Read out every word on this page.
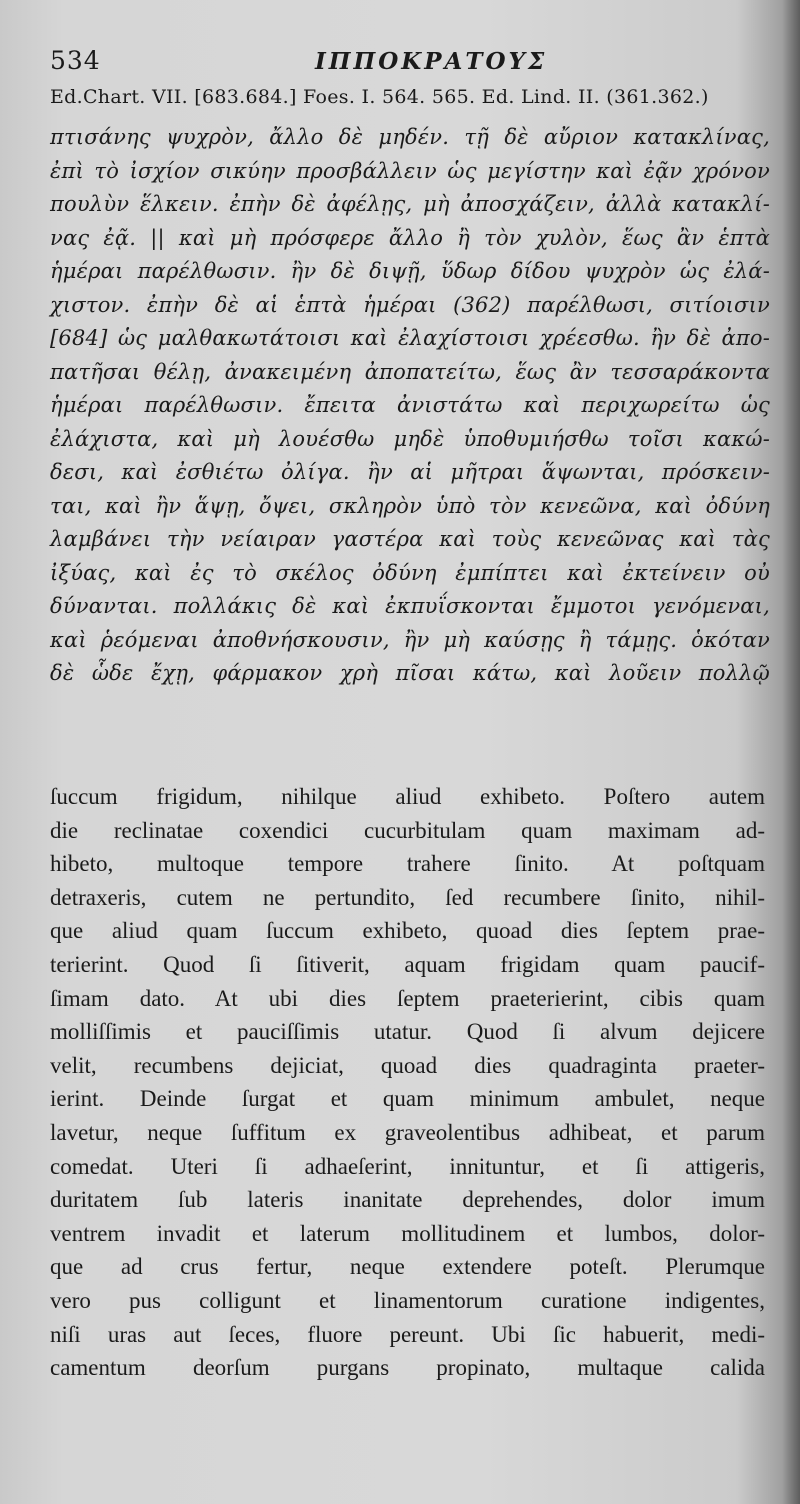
534	ΙΠΠΟΚΡΑΤΟΥΣ
Ed.Chart. VII. [683.684.] Foes. I. 564. 565. Ed. Lind. II. (361.362.)
πτισάνης ψυχρὸν, ἄλλο δὲ μηδέν. τῇ δὲ αὔριον κατακλίνας,
ἐπὶ τὸ ἰσχίον σικύην προσβάλλειν ὡς μεγίστην καὶ ἐᾷν χρόνον
πουλὺν ἕλκειν. ἐπὴν δὲ ἀφέλῃς, μὴ ἀποσχάζειν, ἀλλὰ κατακλί-
νας ἐᾷ. || καὶ μὴ πρόσφερε ἄλλο ἢ τὸν χυλὸν, ἕως ἂν ἑπτὰ
ἡμέραι παρέλθωσιν. ἢν δὲ διψῇ, ὕδωρ δίδου ψυχρὸν ὡς ἐλά-
χιστον. ἐπὴν δὲ αἱ ἑπτὰ ἡμέραι (362) παρέλθωσι, σιτίοισιν
[684] ὡς μαλθακωτάτοισι καὶ ἐλαχίστοισι χρέεσθω. ἢν δὲ ἀπο-
πατῆσαι θέλῃ, ἀνακειμένη ἀποπατείτω, ἕως ἂν τεσσαράκοντα
ἡμέραι παρέλθωσιν. ἔπειτα ἀνιστάτω καὶ περιχωρείτω ὡς
ἐλάχιστα, καὶ μὴ λουέσθω μηδὲ ὑποθυμιήσθω τοῖσι κακώ-
δεσι, καὶ ἐσθιέτω ὀλίγα. ἢν αἱ μῆτραι ἅψωνται, πρόσκειν-
ται, καὶ ἢν ἅψῃ, ὄψει, σκληρὸν ὑπὸ τὸν κενεῶνα, καὶ ὀδύνη
λαμβάνει τὴν νείαιραν γαστέρα καὶ τοὺς κενεῶνας καὶ τὰς
ἰξύας, καὶ ἐς τὸ σκέλος ὀδύνη ἐμπίπτει καὶ ἐκτείνειν οὐ
δύνανται. πολλάκις δὲ καὶ ἐκπυΐσκονται ἔμμοτοι γενόμεναι,
καὶ ῥεόμεναι ἀποθνήσκουσιν, ἢν μὴ καύσῃς ἢ τάμῃς. ὁκόταν
δὲ ὧδε ἔχῃ, φάρμακον χρὴ πῖσαι κάτω, καὶ λοῦειν πολλῷ
ſuccum frigidum, nihilque aliud exhibeto. Poſtero autem
die reclinatae coxendici cucurbitulam quam maximam ad-
hibeto, multoque tempore trahere ſinito. At poſtquam
detraxeris, cutem ne pertundito, ſed recumbere ſinito, nihil-
que aliud quam ſuccum exhibeto, quoad dies ſeptem prae-
terierint. Quod ſi ſitiverit, aquam frigidam quam paucif-
ſimam dato. At ubi dies ſeptem praeterierint, cibis quam
molliſſimis et pauciſſimis utatur. Quod ſi alvum dejicere
velit, recumbens dejiciat, quoad dies quadraginta praeter-
ierint. Deinde ſurgat et quam minimum ambulet, neque
lavetur, neque ſuffitum ex graveolentibus adhibeat, et parum
comedat. Uteri ſi adhaeſerint, innituntur, et ſi attigeris,
duritatem ſub lateris inanitate deprehendes, dolor imum
ventrem invadit et laterum mollitudinem et lumbos, dolor-
que ad crus fertur, neque extendere poteſt. Plerumque
vero pus colligunt et linamentorum curatione indigentes,
niſi uras aut ſeces, fluore pereunt. Ubi ſic habuerit, medi-
camentum deorſum purgans propinato, multaque calida
